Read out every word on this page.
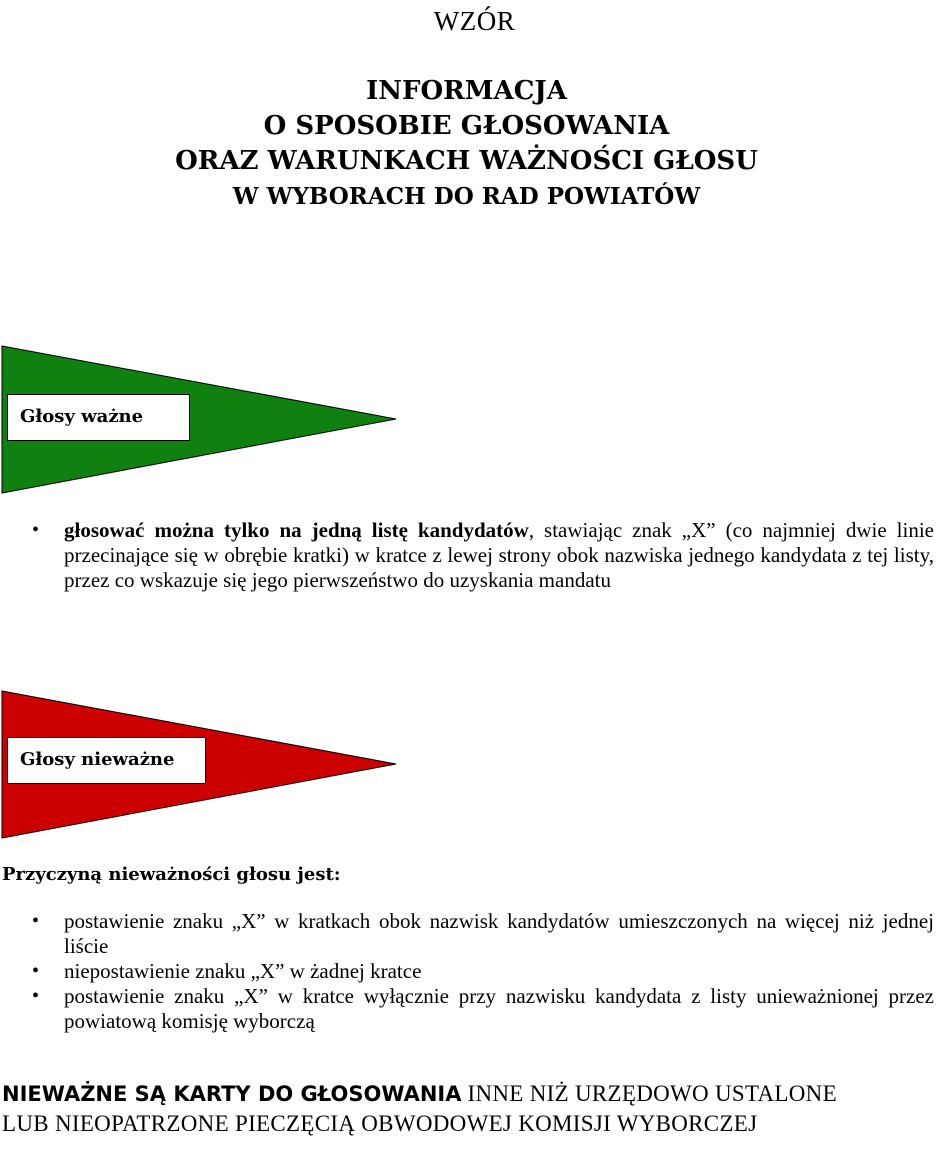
WZÓR
INFORMACJA
O SPOSOBIE GŁOSOWANIA
ORAZ WARUNKACH WAŻNOŚCI GŁOSU
W WYBORACH DO RAD POWIATÓW
Głosy ważne
• głosować można tylko na jedną listę kandydatów, stawiając znak „X” (co najmniej dwie linie przecinające się w obrębie kratki) w kratce z lewej strony obok nazwiska jednego kandydata z tej listy, przez co wskazuje się jego pierwszeństwo do uzyskania mandatu
Głosy nieważne
Przyczyną nieważności głosu jest:
• postawienie znaku „X” w kratkach obok nazwisk kandydatów umieszczonych na więcej niż jednej liście
• niepostawienie znaku „X” w żadnej kratce
• postawienie znaku „X” w kratce wyłącznie przy nazwisku kandydata z listy unieważnionej przez powiatową komisję wyborczą
NIEWAŻNE SĄ KARTY DO GŁOSOWANIA INNE NIŻ URZĘDOWO USTALONE
LUB NIEOPATRZONE PIECZĘCIĄ OBWODOWEJ KOMISJI WYBORCZEJ
